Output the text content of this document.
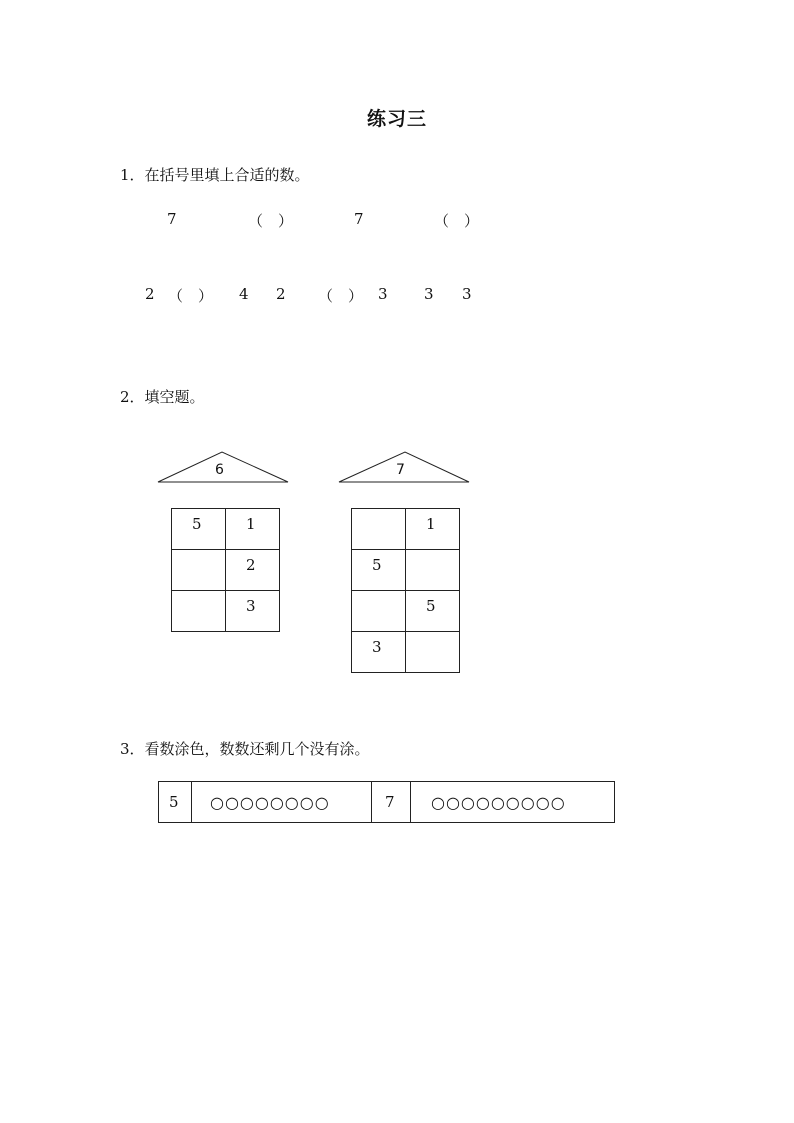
练习三
1．在括号里填上合适的数。
7	（　）	7	（　）
2 （　） 4 2 （　） 3 3 3
2．填空题。
6
5	1

	2

	3
7

	1

5	

	5

3	

3．看数涂色，数数还剩几个没有涂。
5 ○○○○○○○○	7 ○○○○○○○○○
